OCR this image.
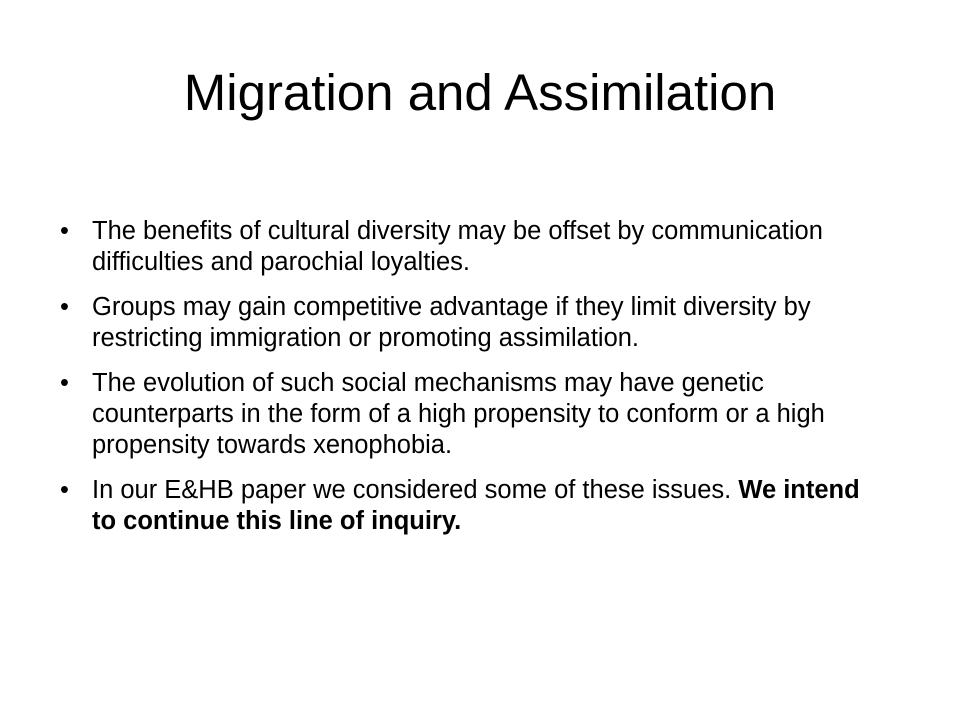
Migration and Assimilation
• The benefits of cultural diversity may be offset by communication difficulties and parochial loyalties.
• Groups may gain competitive advantage if they limit diversity by restricting immigration or promoting assimilation.
• The evolution of such social mechanisms may have genetic counterparts in the form of a high propensity to conform or a high propensity towards xenophobia.
• In our E&HB paper we considered some of these issues. We intend to continue this line of inquiry.
